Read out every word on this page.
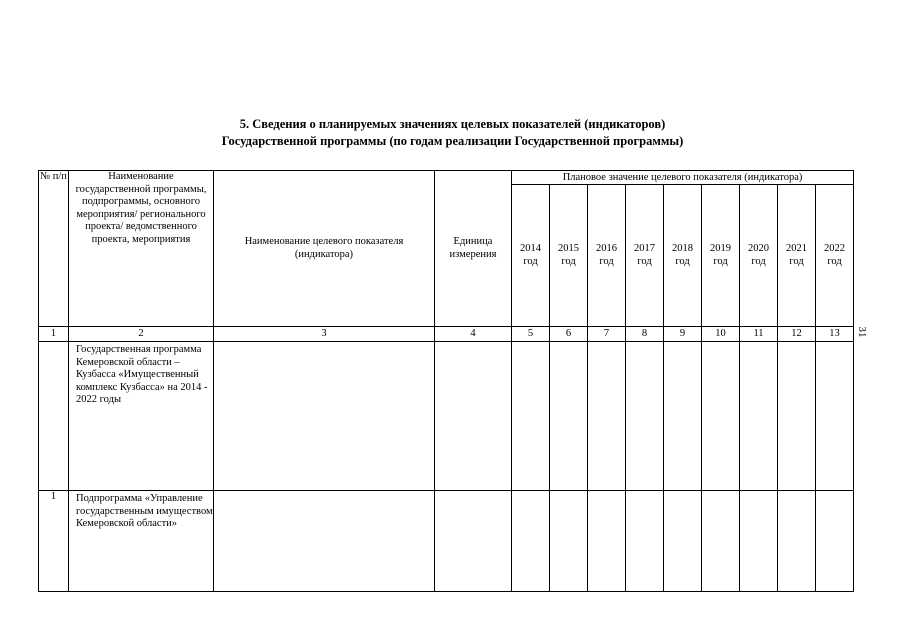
5. Сведения о планируемых значениях целевых показателей (индикаторов)
Государственной программы (по годам реализации Государственной программы)
№ п/п	Наименование государственной программы, подпрограммы, основного мероприятия/ регионального проекта/ ведомственного проекта, мероприятия	Наименование целевого показателя (индикатора)	Единица измерения	Плановое значение целевого показателя (индикатора)								
				2014 год	2015 год	2016 год	2017 год	2018 год	2019 год	2020 год	2021 год	2022 год
1	2	3	4	5	6	7	8	9	10	11	12	13
	Государственная программа Кемеровской области – Кузбасса «Имущественный комплекс Кузбасса» на 2014 - 2022 годы											
1	Подпрограмма «Управление государственным имуществом Кемеровской области»											
31
